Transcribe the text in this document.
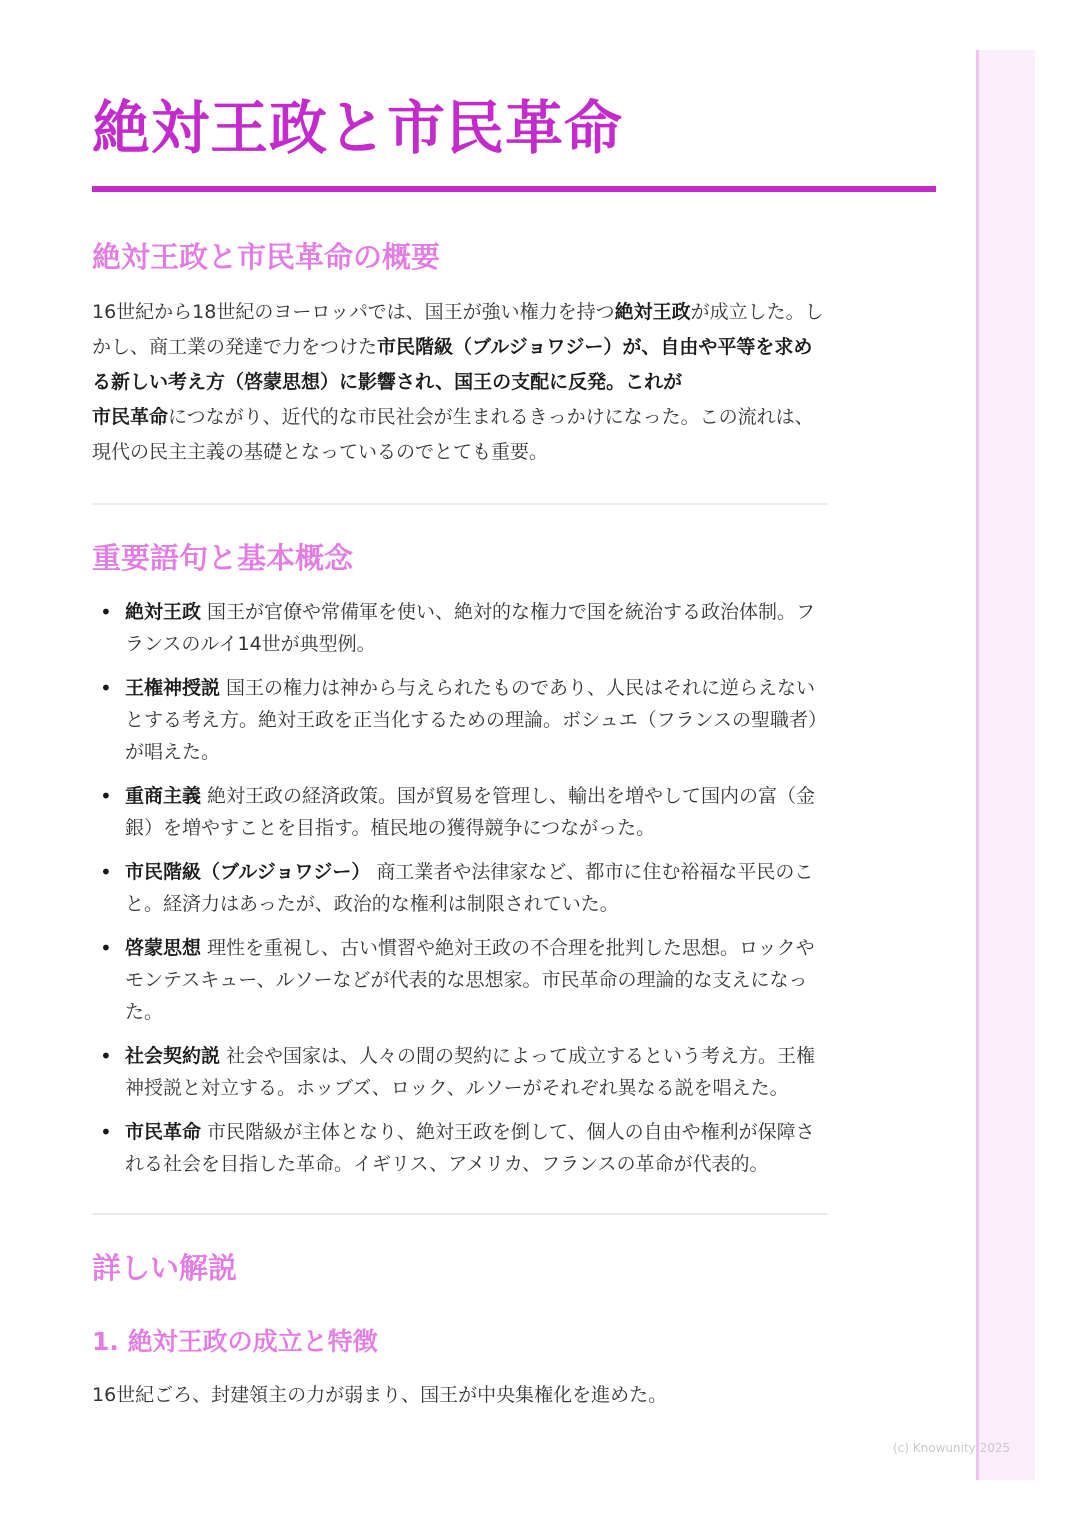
絶対王政と市民革命
絶対王政と市民革命の概要

16世紀から18世紀のヨーロッパでは、国王が強い権力を持つ絶対王政が成立した。しかし、商工業の発達で力をつけた市民階級（ブルジョワジー）が、自由や平等を求める新しい考え方（啓蒙思想）に影響され、国王の支配に反発。これが
市民革命につながり、近代的な市民社会が生まれるきっかけになった。この流れは、現代の民主主義の基礎となっているのでとても重要。

重要語句と基本概念
• 絶対王政 国王が官僚や常備軍を使い、絶対的な権力で国を統治する政治体制。フランスのルイ14世が典型例。
• 王権神授説 国王の権力は神から与えられたものであり、人民はそれに逆らえないとする考え方。絶対王政を正当化するための理論。ボシュエ（フランスの聖職者）が唱えた。
• 重商主義 絶対王政の経済政策。国が貿易を管理し、輸出を増やして国内の富（金銀）を増やすことを目指す。植民地の獲得競争につながった。
• 市民階級（ブルジョワジー） 商工業者や法律家など、都市に住む裕福な平民のこと。経済力はあったが、政治的な権利は制限されていた。
• 啓蒙思想 理性を重視し、古い慣習や絶対王政の不合理を批判した思想。ロックやモンテスキュー、ルソーなどが代表的な思想家。市民革命の理論的な支えになった。
• 社会契約説 社会や国家は、人々の間の契約によって成立するという考え方。王権神授説と対立する。ホッブズ、ロック、ルソーがそれぞれ異なる説を唱えた。
• 市民革命 市民階級が主体となり、絶対王政を倒して、個人の自由や権利が保障される社会を目指した革命。イギリス、アメリカ、フランスの革命が代表的。
詳しい解説
1. 絶対王政の成立と特徴

16世紀ごろ、封建領主の力が弱まり、国王が中央集権化を進めた。

(c) Knowunity 2025
